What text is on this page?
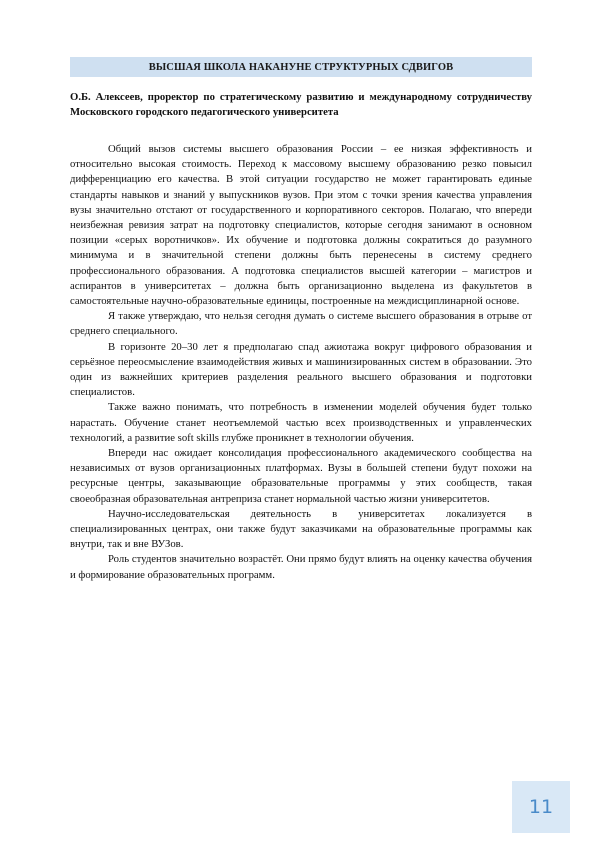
ВЫСШАЯ ШКОЛА НАКАНУНЕ СТРУКТУРНЫХ СДВИГОВ
О.Б. Алексеев, проректор по стратегическому развитию и международному сотрудничеству Московского городского педагогического университета

Общий вызов системы высшего образования России – ее низкая эффективность и относительно высокая стоимость. Переход к массовому высшему образованию резко повысил дифференциацию его качества. В этой ситуации государство не может гарантировать единые стандарты навыков и знаний у выпускников вузов. При этом с точки зрения качества управления вузы значительно отстают от государственного и корпоративного секторов. Полагаю, что впереди неизбежная ревизия затрат на подготовку специалистов, которые сегодня занимают в основном позиции «серых воротничков». Их обучение и подготовка должны сократиться до разумного минимума и в значительной степени должны быть перенесены в систему среднего профессионального образования. А подготовка специалистов высшей категории – магистров и аспирантов в университетах – должна быть организационно выделена из факультетов в самостоятельные научно-образовательные единицы, построенные на междисциплинарной основе.

Я также утверждаю, что нельзя сегодня думать о системе высшего образования в отрыве от среднего специального.

В горизонте 20–30 лет я предполагаю спад ажиотажа вокруг цифрового образования и серьёзное переосмысление взаимодействия живых и машинизированных систем в образовании. Это один из важнейших критериев разделения реального высшего образования и подготовки специалистов.

Также важно понимать, что потребность в изменении моделей обучения будет только нарастать. Обучение станет неотъемлемой частью всех производственных и управленческих технологий, а развитие soft skills глубже проникнет в технологии обучения.

Впереди нас ожидает консолидация профессионального академического сообщества на независимых от вузов организационных платформах. Вузы в большей степени будут похожи на ресурсные центры, заказывающие образовательные программы у этих сообществ, такая своеобразная образовательная антреприза станет нормальной частью жизни университетов.

Научно-исследовательская деятельность в университетах локализуется в специализированных центрах, они также будут заказчиками на образовательные программы как внутри, так и вне ВУЗов.

Роль студентов значительно возрастёт. Они прямо будут влиять на оценку качества обучения и формирование образовательных программ.

11
